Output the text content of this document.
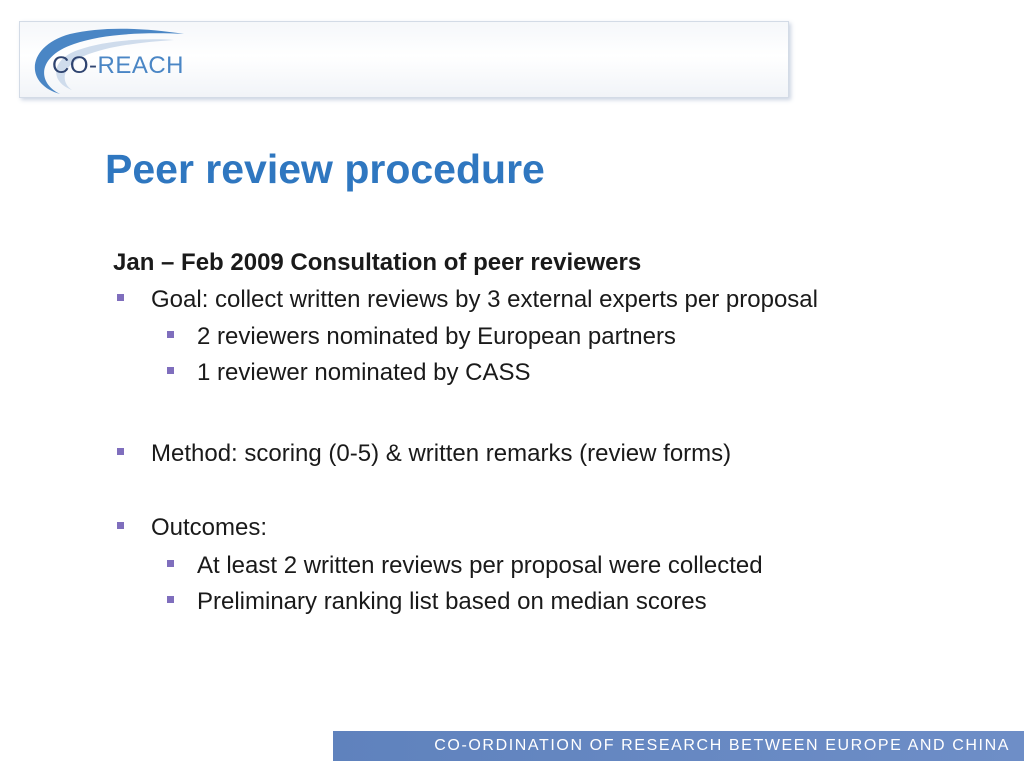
CO-REACH
Peer review procedure
Jan – Feb 2009 Consultation of peer reviewers
Goal: collect written reviews by 3 external experts per proposal
2 reviewers nominated by European partners
1 reviewer nominated by CASS
Method: scoring (0-5) & written remarks (review forms)
Outcomes:
At least 2 written reviews per proposal were collected
Preliminary ranking list based on median scores
CO-ORDINATION OF RESEARCH BETWEEN EUROPE AND CHINA
